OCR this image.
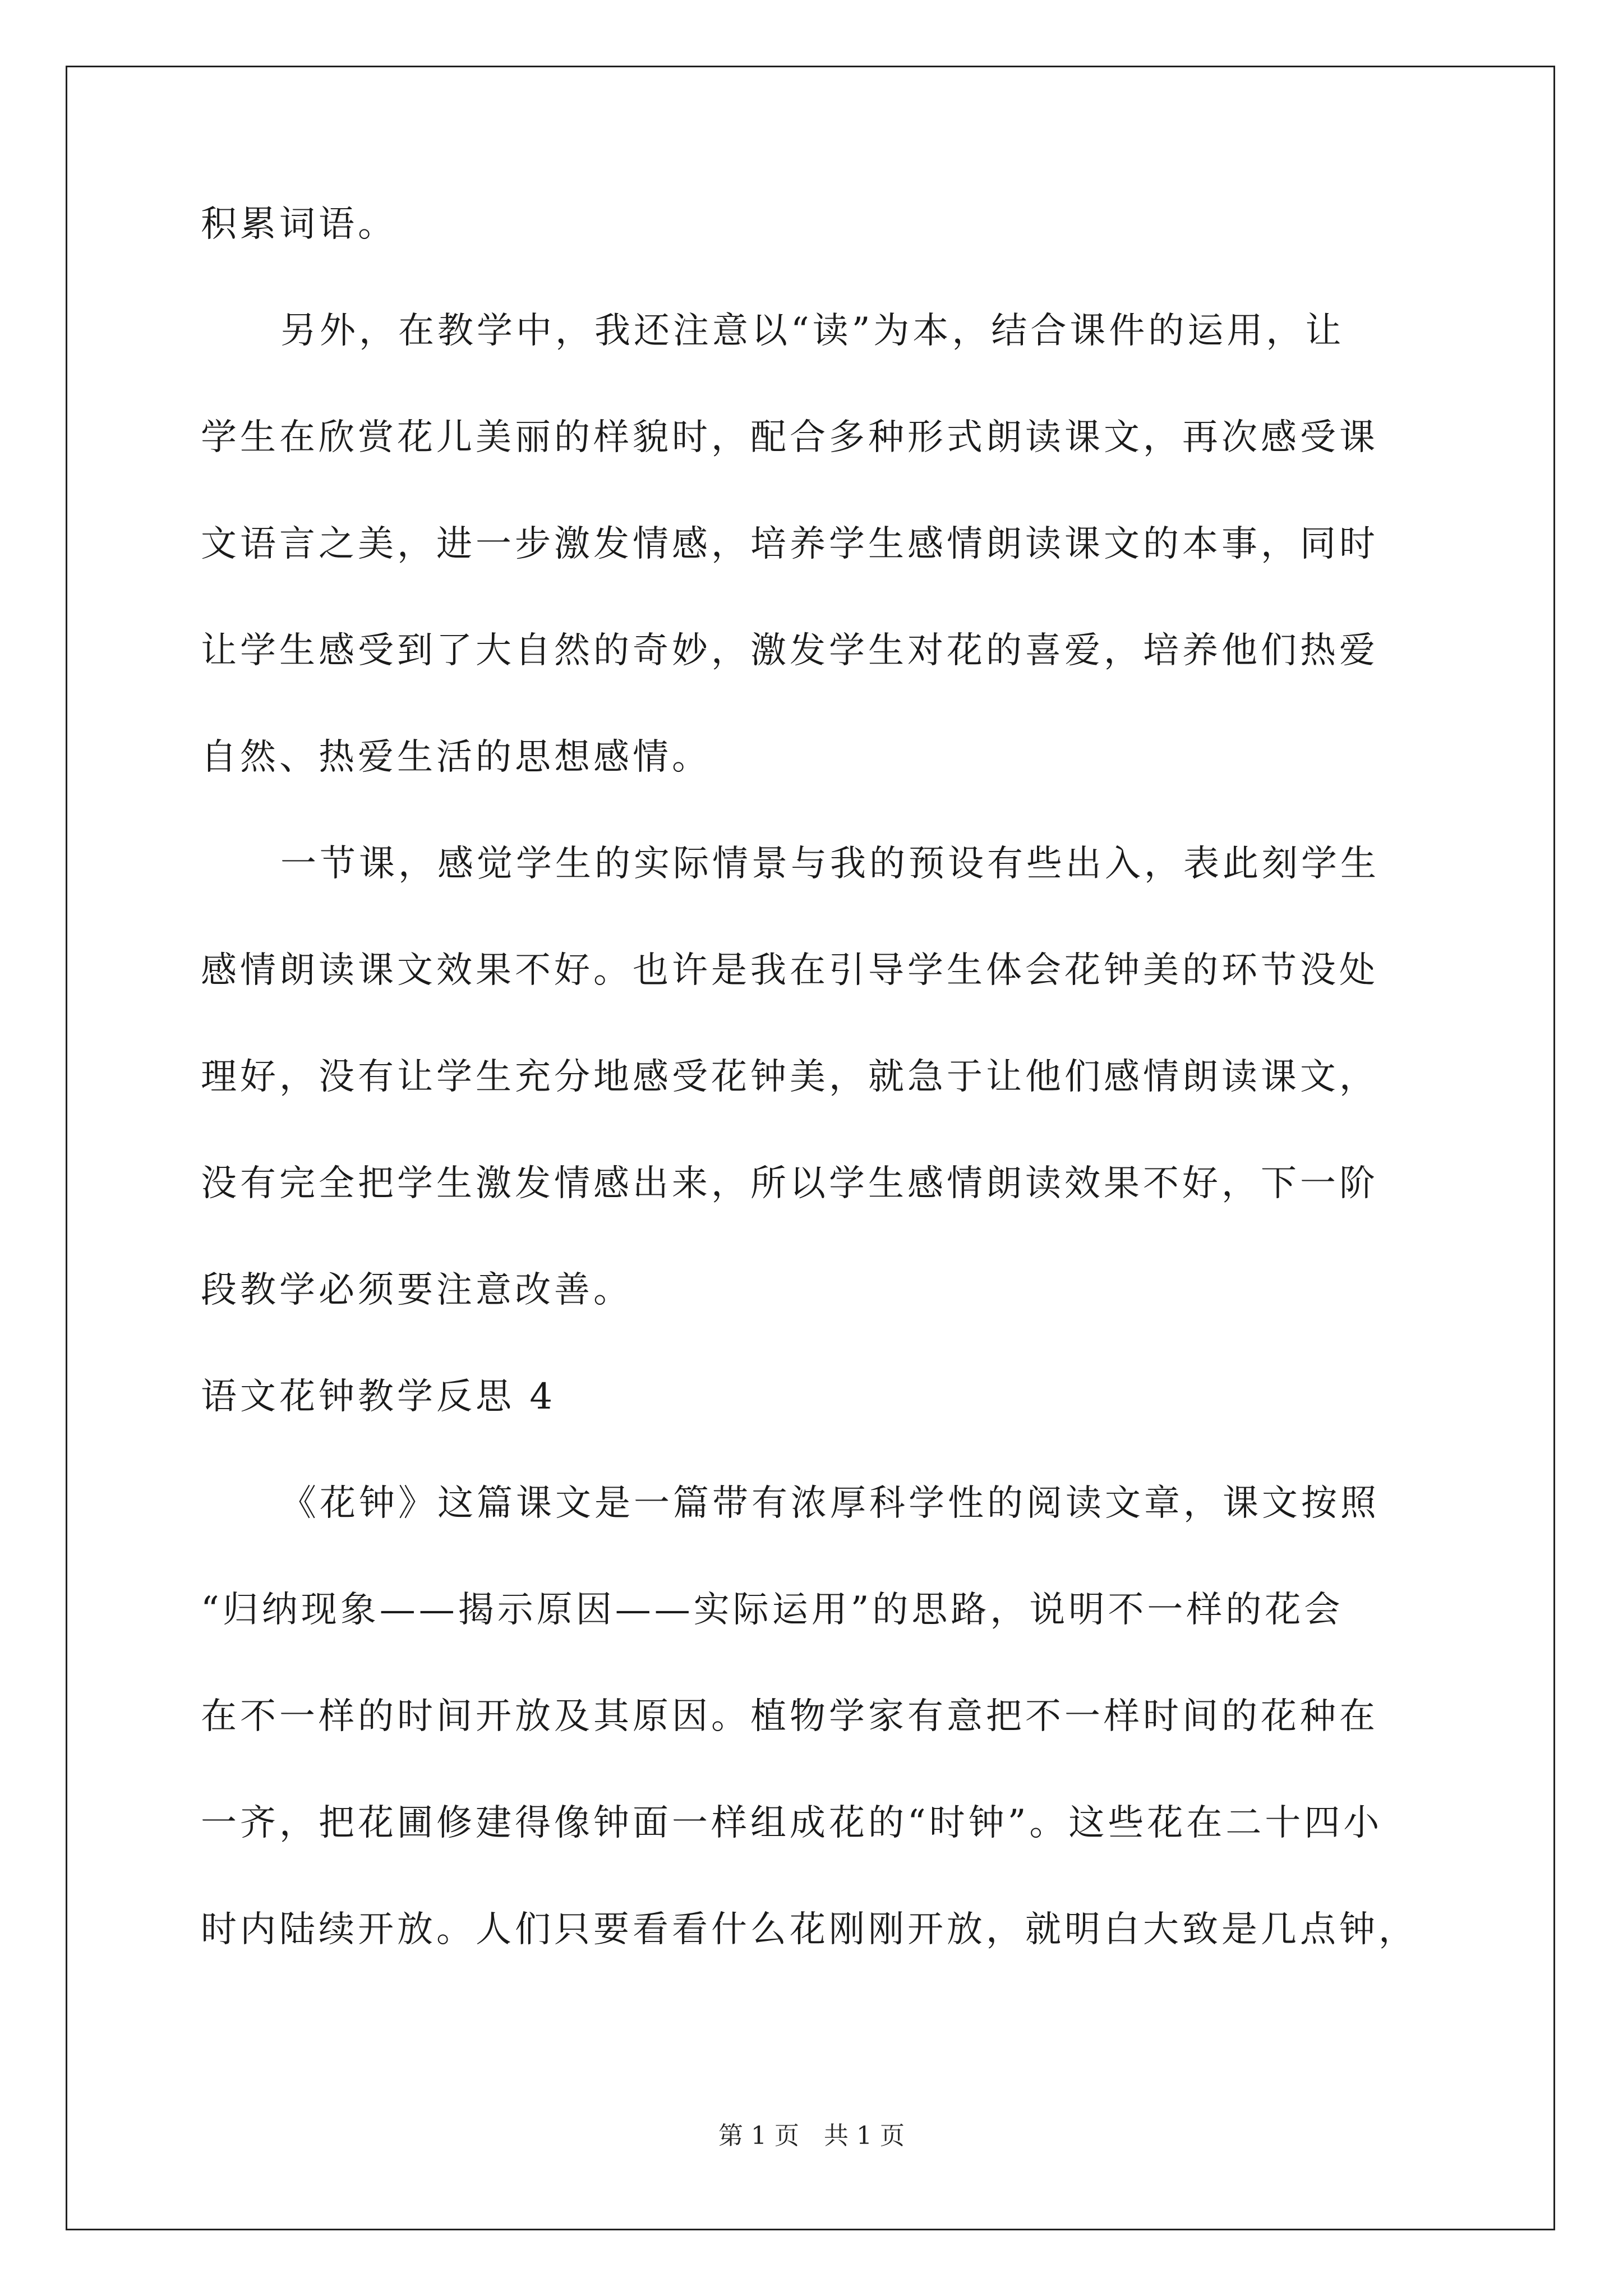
积累词语。
另外，在教学中，我还注意以“读”为本，结合课件的运用，让
学生在欣赏花儿美丽的样貌时，配合多种形式朗读课文，再次感受课
文语言之美，进一步激发情感，培养学生感情朗读课文的本事，同时
让学生感受到了大自然的奇妙，激发学生对花的喜爱，培养他们热爱
自然、热爱生活的思想感情。
一节课，感觉学生的实际情景与我的预设有些出入，表此刻学生
感情朗读课文效果不好。也许是我在引导学生体会花钟美的环节没处
理好，没有让学生充分地感受花钟美，就急于让他们感情朗读课文，
没有完全把学生激发情感出来，所以学生感情朗读效果不好，下一阶
段教学必须要注意改善。
语文花钟教学反思 4
《花钟》这篇课文是一篇带有浓厚科学性的阅读文章，课文按照
“归纳现象——揭示原因——实际运用”的思路，说明不一样的花会
在不一样的时间开放及其原因。植物学家有意把不一样时间的花种在
一齐，把花圃修建得像钟面一样组成花的“时钟”。这些花在二十四小
时内陆续开放。人们只要看看什么花刚刚开放，就明白大致是几点钟，
第 1 页　共 1 页
